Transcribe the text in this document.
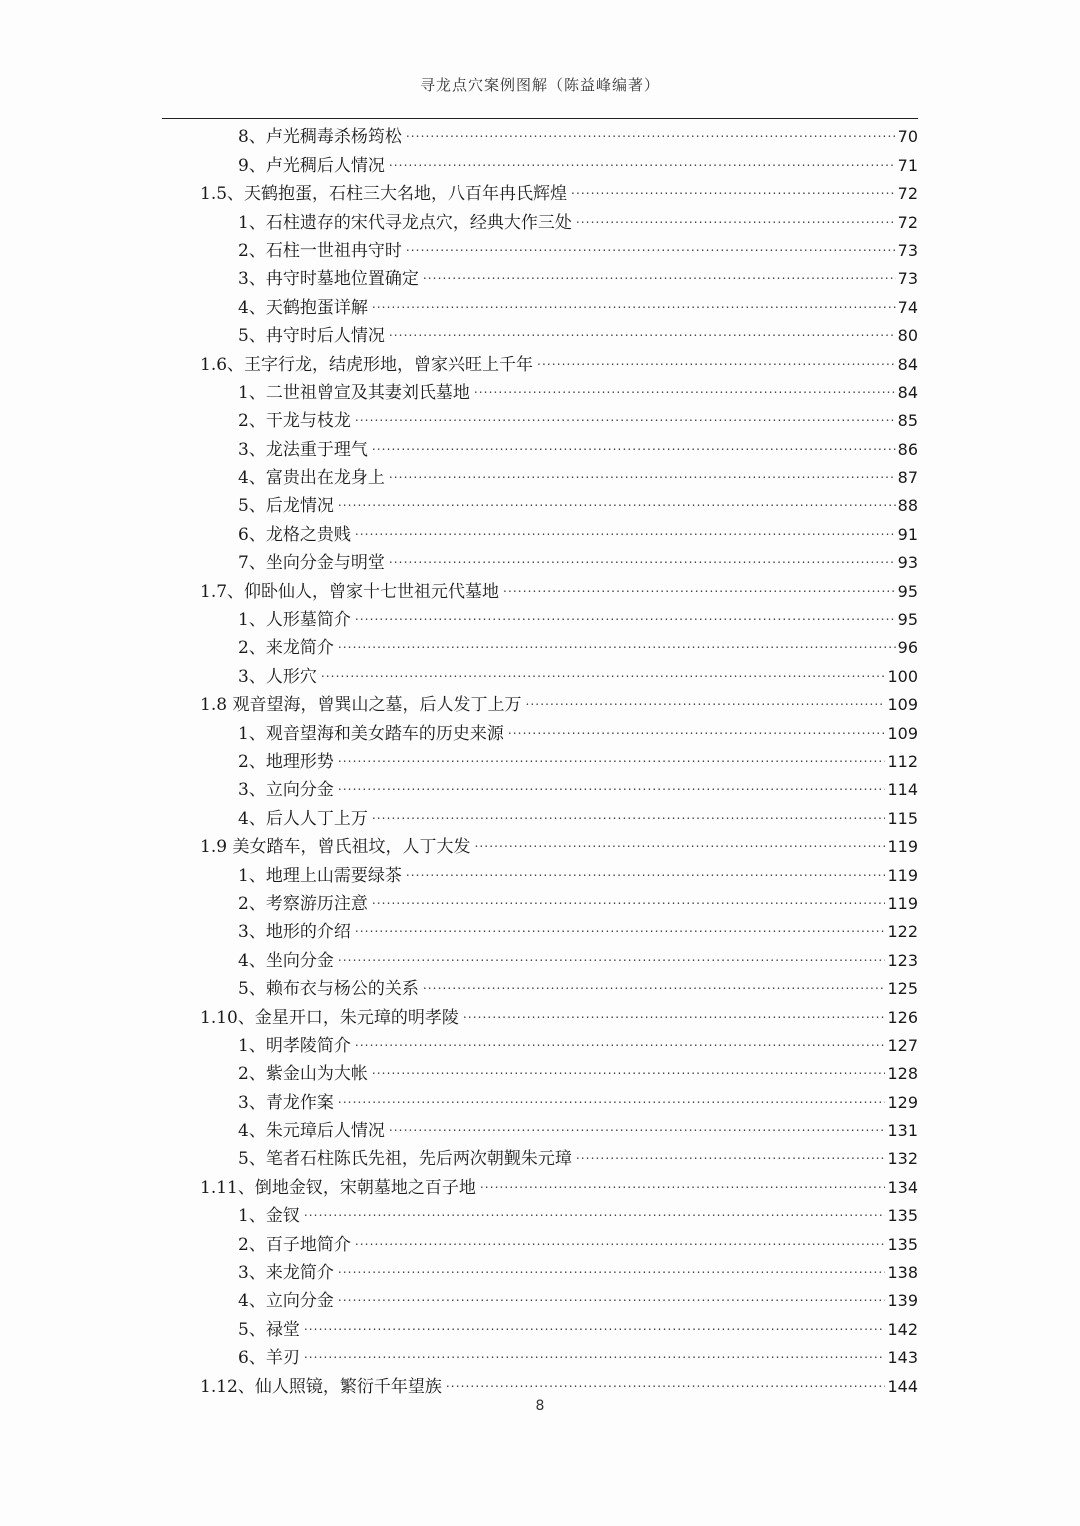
寻龙点穴案例图解（陈益峰编著）
8、卢光稠毒杀杨筠松 .....	70
9、卢光稠后人情况 .....	71
1.5、天鹤抱蛋，石柱三大名地，八百年冉氏辉煌 .....	72
1、石柱遗存的宋代寻龙点穴，经典大作三处 .....	72
2、石柱一世祖冉守时 .....	73
3、冉守时墓地位置确定 .....	73
4、天鹤抱蛋详解 .....	74
5、冉守时后人情况 .....	80
1.6、王字行龙，结虎形地，曾家兴旺上千年 .....	84
1、二世祖曾宣及其妻刘氏墓地 .....	84
2、干龙与枝龙 .....	85
3、龙法重于理气 .....	86
4、富贵出在龙身上 .....	87
5、后龙情况 .....	88
6、龙格之贵贱 .....	91
7、坐向分金与明堂 .....	93
1.7、仰卧仙人，曾家十七世祖元代墓地 .....	95
1、人形墓简介 .....	95
2、来龙简介 .....	96
3、人形穴 .....	100
1.8 观音望海，曾巽山之墓，后人发丁上万 .....	109
1、观音望海和美女踏车的历史来源 .....	109
2、地理形势 .....	112
3、立向分金 .....	114
4、后人人丁上万 .....	115
1.9 美女踏车，曾氏祖坟，人丁大发 .....	119
1、地理上山需要绿茶 .....	119
2、考察游历注意 .....	119
3、地形的介绍 .....	122
4、坐向分金 .....	123
5、赖布衣与杨公的关系 .....	125
1.10、金星开口，朱元璋的明孝陵 .....	126
1、明孝陵简介 .....	127
2、紫金山为大帐 .....	128
3、青龙作案 .....	129
4、朱元璋后人情况 .....	131
5、笔者石柱陈氏先祖，先后两次朝觐朱元璋 .....	132
1.11、倒地金钗，宋朝墓地之百子地 .....	134
1、金钗 .....	135
2、百子地简介 .....	135
3、来龙简介 .....	138
4、立向分金 .....	139
5、禄堂 .....	142
6、羊刃 .....	143
1.12、仙人照镜，繁衍千年望族 .....	144
8
